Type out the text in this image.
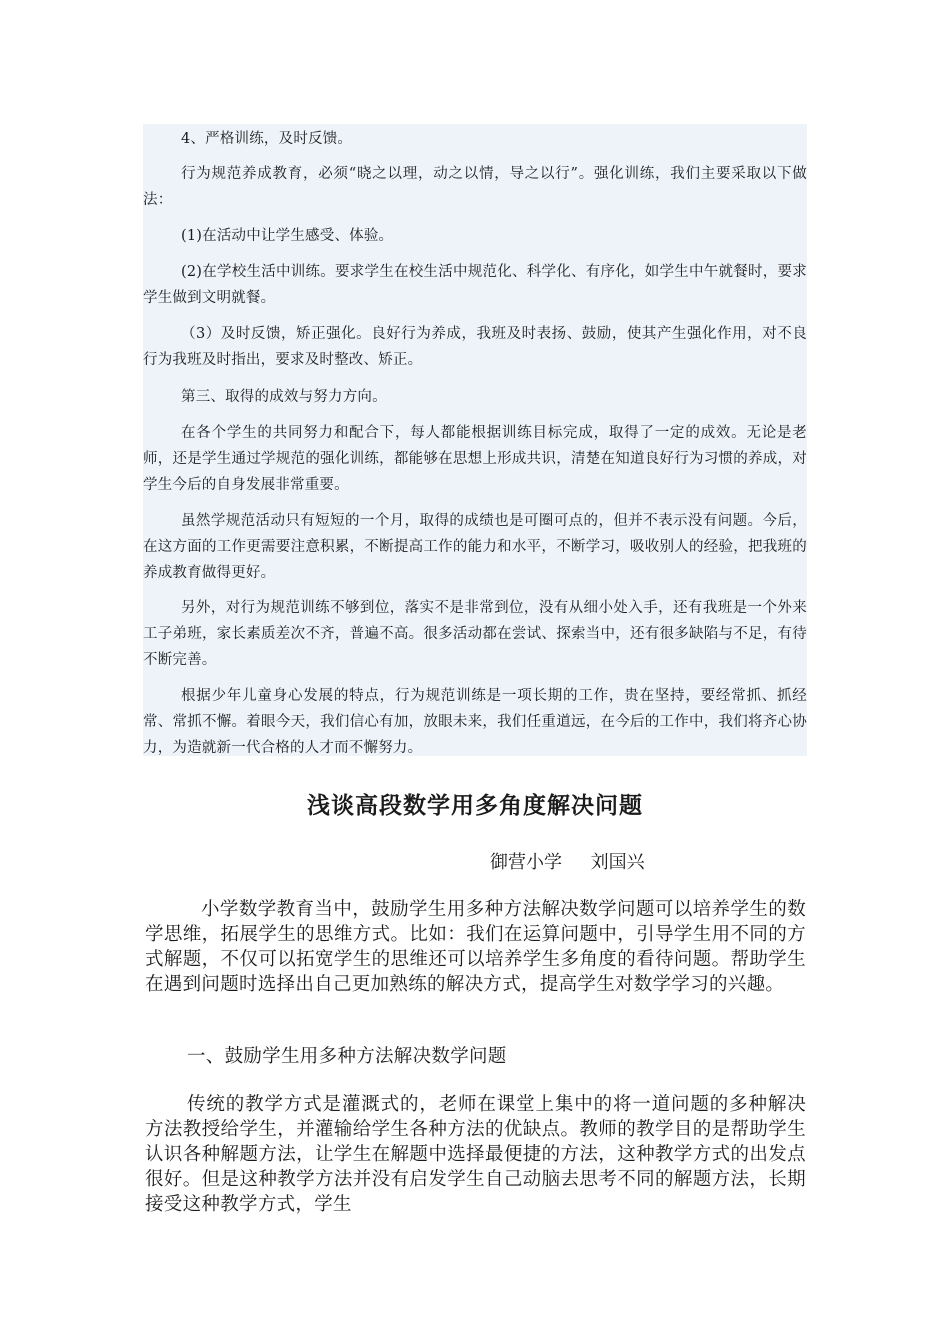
4、严格训练，及时反馈。

行为规范养成教育，必须“晓之以理，动之以情，导之以行”。强化训练，我们主要采取以下做法：

(1)在活动中让学生感受、体验。

(2)在学校生活中训练。要求学生在校生活中规范化、科学化、有序化，如学生中午就餐时，要求学生做到文明就餐。

（3）及时反馈，矫正强化。良好行为养成，我班及时表扬、鼓励，使其产生强化作用，对不良行为我班及时指出，要求及时整改、矫正。

第三、取得的成效与努力方向。

在各个学生的共同努力和配合下，每人都能根据训练目标完成，取得了一定的成效。无论是老师，还是学生通过学规范的强化训练，都能够在思想上形成共识，清楚在知道良好行为习惯的养成，对学生今后的自身发展非常重要。

虽然学规范活动只有短短的一个月，取得的成绩也是可圈可点的，但并不表示没有问题。今后，在这方面的工作更需要注意积累，不断提高工作的能力和水平，不断学习，吸收别人的经验，把我班的养成教育做得更好。

另外，对行为规范训练不够到位，落实不是非常到位，没有从细小处入手，还有我班是一个外来工子弟班，家长素质差次不齐，普遍不高。很多活动都在尝试、探索当中，还有很多缺陷与不足，有待不断完善。

根据少年儿童身心发展的特点，行为规范训练是一项长期的工作，贵在坚持，要经常抓、抓经常、常抓不懈。着眼今天，我们信心有加，放眼未来，我们任重道远，在今后的工作中，我们将齐心协力，为造就新一代合格的人才而不懈努力。

浅谈高段数学用多角度解决问题

御营小学     刘国兴

小学数学教育当中，鼓励学生用多种方法解决数学问题可以培养学生的数学思维，拓展学生的思维方式。比如：我们在运算问题中，引导学生用不同的方式解题，不仅可以拓宽学生的思维还可以培养学生多角度的看待问题。帮助学生在遇到问题时选择出自己更加熟练的解决方式，提高学生对数学学习的兴趣。

一、鼓励学生用多种方法解决数学问题

传统的教学方式是灌溉式的，老师在课堂上集中的将一道问题的多种解决方法教授给学生，并灌输给学生各种方法的优缺点。教师的教学目的是帮助学生认识各种解题方法，让学生在解题中选择最便捷的方法，这种教学方式的出发点很好。但是这种教学方法并没有启发学生自己动脑去思考不同的解题方法，长期接受这种教学方式，学生
